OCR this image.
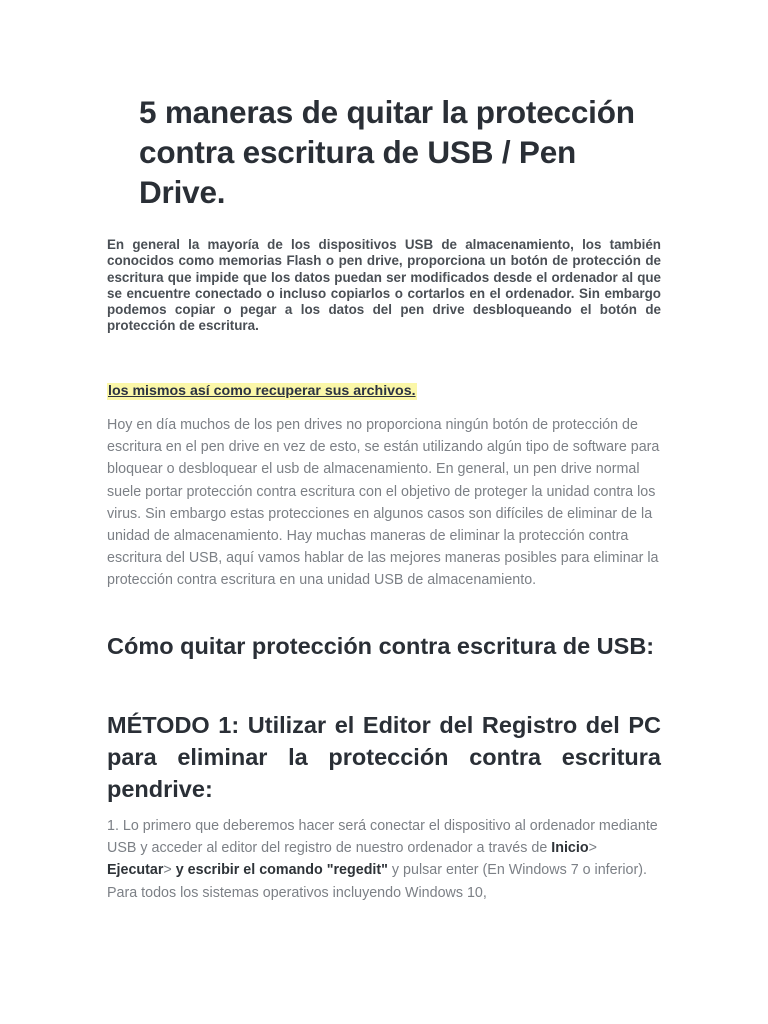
5 maneras de quitar la protección contra escritura de USB / Pen Drive.

En general la mayoría de los dispositivos USB de almacenamiento, los también conocidos como memorias Flash o pen drive, proporciona un botón de protección de escritura que impide que los datos puedan ser modificados desde el ordenador al que se encuentre conectado o incluso copiarlos o cortarlos en el ordenador. Sin embargo podemos copiar o pegar a los datos del pen drive desbloqueando el botón de protección de escritura.

los mismos así como recuperar sus archivos.

Hoy en día muchos de los pen drives no proporciona ningún botón de protección de escritura en el pen drive en vez de esto, se están utilizando algún tipo de software para bloquear o desbloquear el usb de almacenamiento. En general, un pen drive normal suele portar protección contra escritura con el objetivo de proteger la unidad contra los virus. Sin embargo estas protecciones en algunos casos son difíciles de eliminar de la unidad de almacenamiento. Hay muchas maneras de eliminar la protección contra escritura del USB, aquí vamos hablar de las mejores maneras posibles para eliminar la protección contra escritura en una unidad USB de almacenamiento.

Cómo quitar protección contra escritura de USB:
MÉTODO 1: Utilizar el Editor del Registro del PC para eliminar la protección contra escritura pendrive:

1. Lo primero que deberemos hacer será conectar el dispositivo al ordenador mediante USB y acceder al editor del registro de nuestro ordenador a través de Inicio> Ejecutar> y escribir el comando "regedit" y pulsar enter (En Windows 7 o inferior). Para todos los sistemas operativos incluyendo Windows 10,
